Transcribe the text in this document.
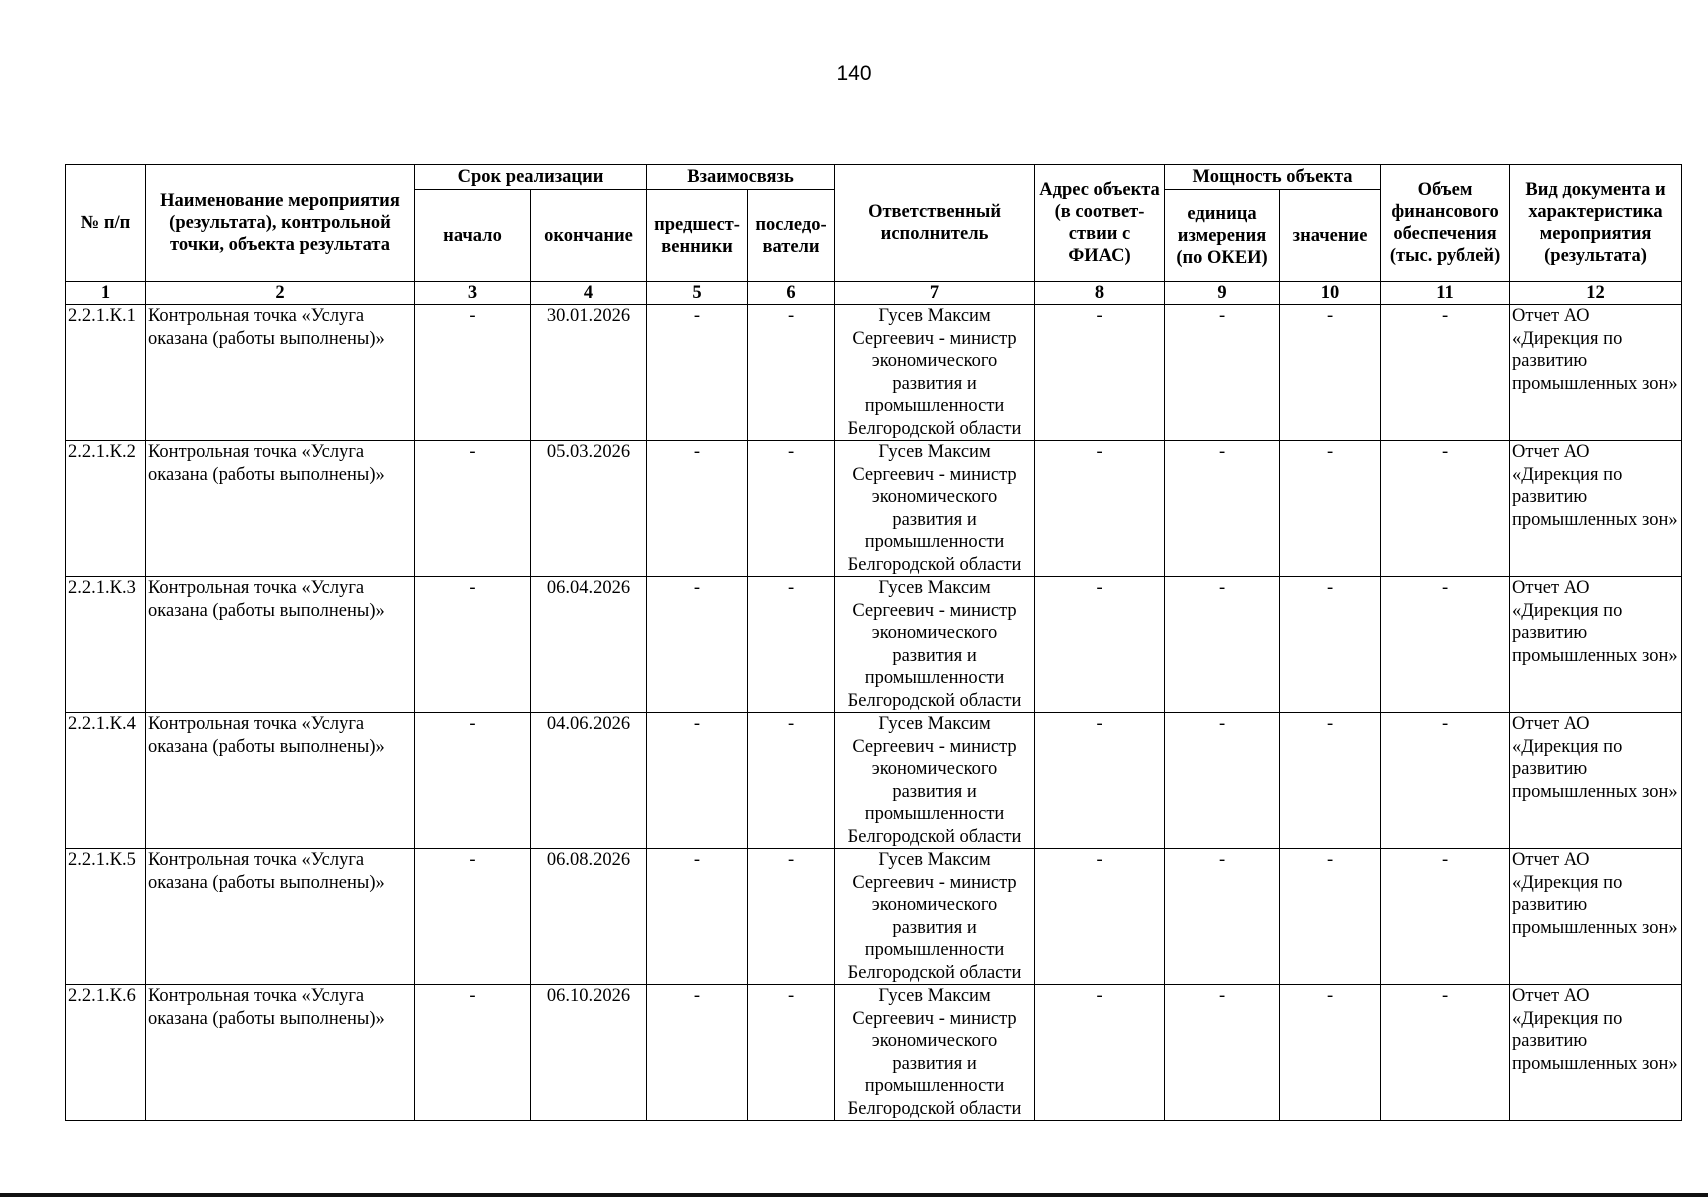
140
№ п/п	Наименование мероприятия (результата), контрольной точки, объекта результата	Срок реализации		Взаимосвязь		Ответственный исполнитель	Адрес объекта (в соответ-ствии с ФИАС)	Мощность объекта		Объем финансового обеспечения (тыс. рублей)	Вид документа и характеристика мероприятия (результата)
		начало	окончание	предшест-венники	последо-ватели			единица измерения (по ОКЕИ)	значение		
1	2	3	4	5	6	7	8	9	10	11	12
2.2.1.К.1	Контрольная точка «Услуга оказана (работы выполнены)»	-	30.01.2026	-	-	Гусев Максим Сергеевич - министр экономического развития и промышленности Белгородской области	-	-	-	-	Отчет АО «Дирекция по развитию промышленных зон»
2.2.1.К.2	Контрольная точка «Услуга оказана (работы выполнены)»	-	05.03.2026	-	-	Гусев Максим Сергеевич - министр экономического развития и промышленности Белгородской области	-	-	-	-	Отчет АО «Дирекция по развитию промышленных зон»
2.2.1.К.3	Контрольная точка «Услуга оказана (работы выполнены)»	-	06.04.2026	-	-	Гусев Максим Сергеевич - министр экономического развития и промышленности Белгородской области	-	-	-	-	Отчет АО «Дирекция по развитию промышленных зон»
2.2.1.К.4	Контрольная точка «Услуга оказана (работы выполнены)»	-	04.06.2026	-	-	Гусев Максим Сергеевич - министр экономического развития и промышленности Белгородской области	-	-	-	-	Отчет АО «Дирекция по развитию промышленных зон»
2.2.1.К.5	Контрольная точка «Услуга оказана (работы выполнены)»	-	06.08.2026	-	-	Гусев Максим Сергеевич - министр экономического развития и промышленности Белгородской области	-	-	-	-	Отчет АО «Дирекция по развитию промышленных зон»
2.2.1.К.6	Контрольная точка «Услуга оказана (работы выполнены)»	-	06.10.2026	-	-	Гусев Максим Сергеевич - министр экономического развития и промышленности Белгородской области	-	-	-	-	Отчет АО «Дирекция по развитию промышленных зон»
